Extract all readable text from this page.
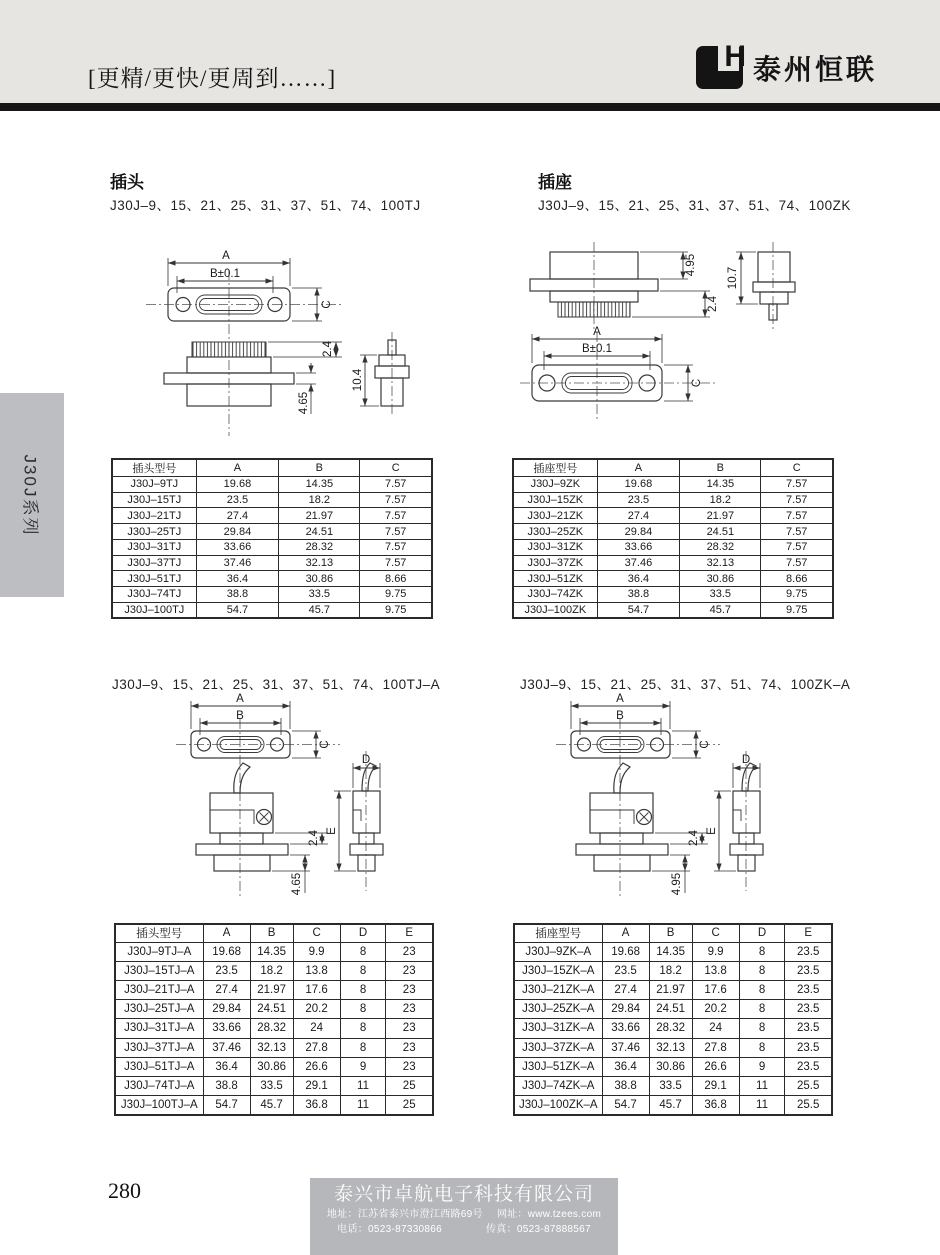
[更精/更快/更周到……]
H 泰州恒联
J30J系列
插头
J30J–9、15、21、25、31、37、51、74、100TJ
插座
J30J–9、15、21、25、31、37、51、74、100ZK
J30J–9、15、21、25、31、37、51、74、100TJ–A	J30J–9、15、21、25、31、37、51、74、100ZK–A
A
B±0.1
C
2.4
4.65
10.4
4.95
2.4
10.7
A
B±0.1
C
A
B
C
2.4
4.65
D
E
A
B
C
2.4
4.95
D
E
插头型号	A	B	C
J30J–9TJ	19.68	14.35	7.57
J30J–15TJ	23.5	18.2	7.57
J30J–21TJ	27.4	21.97	7.57
J30J–25TJ	29.84	24.51	7.57
J30J–31TJ	33.66	28.32	7.57
J30J–37TJ	37.46	32.13	7.57
J30J–51TJ	36.4	30.86	8.66
J30J–74TJ	38.8	33.5	9.75
J30J–100TJ	54.7	45.7	9.75
插座型号	A	B	C
J30J–9ZK	19.68	14.35	7.57
J30J–15ZK	23.5	18.2	7.57
J30J–21ZK	27.4	21.97	7.57
J30J–25ZK	29.84	24.51	7.57
J30J–31ZK	33.66	28.32	7.57
J30J–37ZK	37.46	32.13	7.57
J30J–51ZK	36.4	30.86	8.66
J30J–74ZK	38.8	33.5	9.75
J30J–100ZK	54.7	45.7	9.75
插头型号	A	B	C	D	E
J30J–9TJ–A	19.68	14.35	9.9	8	23
J30J–15TJ–A	23.5	18.2	13.8	8	23
J30J–21TJ–A	27.4	21.97	17.6	8	23
J30J–25TJ–A	29.84	24.51	20.2	8	23
J30J–31TJ–A	33.66	28.32	24	8	23
J30J–37TJ–A	37.46	32.13	27.8	8	23
J30J–51TJ–A	36.4	30.86	26.6	9	23
J30J–74TJ–A	38.8	33.5	29.1	11	25
J30J–100TJ–A	54.7	45.7	36.8	11	25
插座型号	A	B	C	D	E
J30J–9ZK–A	19.68	14.35	9.9	8	23.5
J30J–15ZK–A	23.5	18.2	13.8	8	23.5
J30J–21ZK–A	27.4	21.97	17.6	8	23.5
J30J–25ZK–A	29.84	24.51	20.2	8	23.5
J30J–31ZK–A	33.66	28.32	24	8	23.5
J30J–37ZK–A	37.46	32.13	27.8	8	23.5
J30J–51ZK–A	36.4	30.86	26.6	9	23.5
J30J–74ZK–A	38.8	33.5	29.1	11	25.5
J30J–100ZK–A	54.7	45.7	36.8	11	25.5
280	泰兴市卓航电子科技有限公司
地址：江苏省泰兴市澄江西路69号 网址：www.tzees.com
电话：0523-87330866	传真：0523-87888567
